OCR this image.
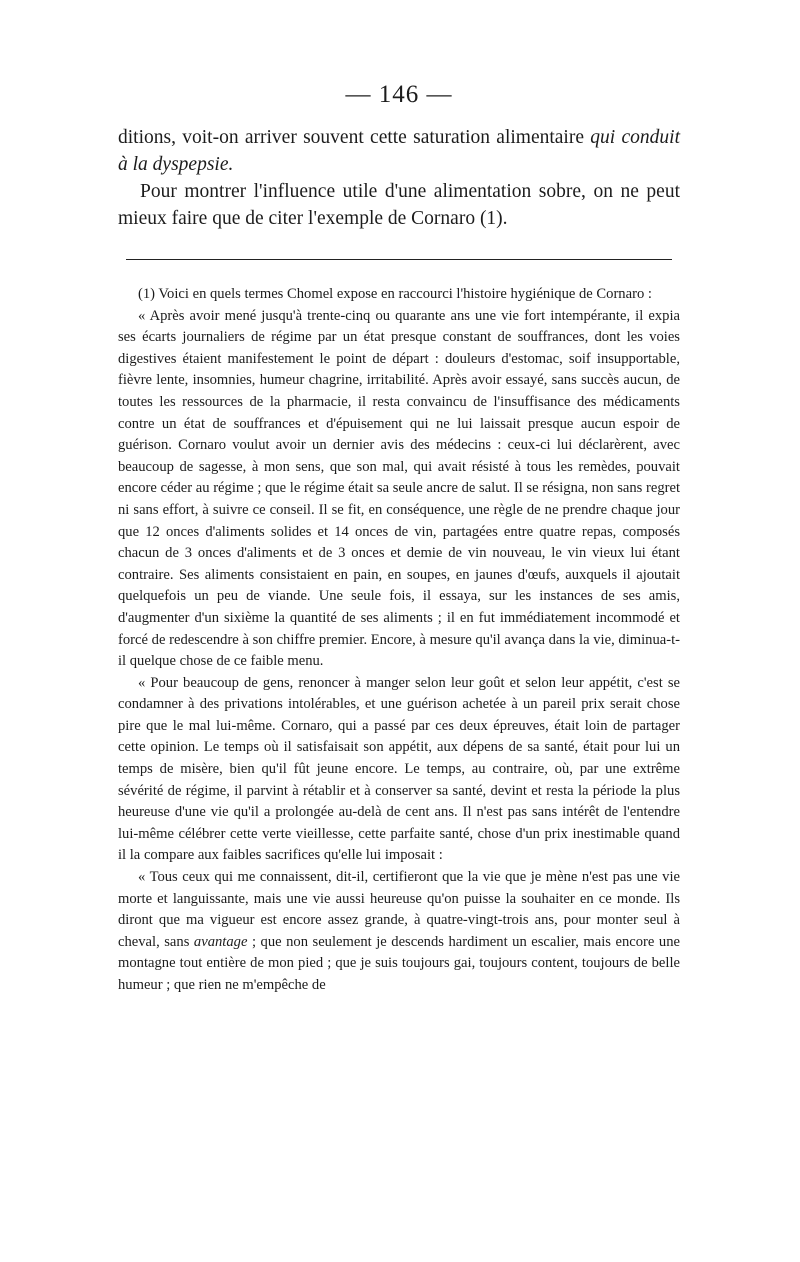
— 146 —

ditions, voit-on arriver souvent cette saturation alimentaire qui conduit à la dyspepsie.

Pour montrer l'influence utile d'une alimentation sobre, on ne peut mieux faire que de citer l'exemple de Cornaro (1).

(1) Voici en quels termes Chomel expose en raccourci l'histoire hygiénique de Cornaro :

« Après avoir mené jusqu'à trente-cinq ou quarante ans une vie fort intempérante, il expia ses écarts journaliers de régime par un état presque constant de souffrances, dont les voies digestives étaient manifestement le point de départ : douleurs d'estomac, soif insupportable, fièvre lente, insomnies, humeur chagrine, irritabilité. Après avoir essayé, sans succès aucun, de toutes les ressources de la pharmacie, il resta convaincu de l'insuffisance des médicaments contre un état de souffrances et d'épuisement qui ne lui laissait presque aucun espoir de guérison. Cornaro voulut avoir un dernier avis des médecins : ceux-ci lui déclarèrent, avec beaucoup de sagesse, à mon sens, que son mal, qui avait résisté à tous les remèdes, pouvait encore céder au régime ; que le régime était sa seule ancre de salut. Il se résigna, non sans regret ni sans effort, à suivre ce conseil. Il se fit, en conséquence, une règle de ne prendre chaque jour que 12 onces d'aliments solides et 14 onces de vin, partagées entre quatre repas, composés chacun de 3 onces d'aliments et de 3 onces et demie de vin nouveau, le vin vieux lui étant contraire. Ses aliments consistaient en pain, en soupes, en jaunes d'œufs, auxquels il ajoutait quelquefois un peu de viande. Une seule fois, il essaya, sur les instances de ses amis, d'augmenter d'un sixième la quantité de ses aliments ; il en fut immédiatement incommodé et forcé de redescendre à son chiffre premier. Encore, à mesure qu'il avança dans la vie, diminua-t-il quelque chose de ce faible menu.

« Pour beaucoup de gens, renoncer à manger selon leur goût et selon leur appétit, c'est se condamner à des privations intolérables, et une guérison achetée à un pareil prix serait chose pire que le mal lui-même. Cornaro, qui a passé par ces deux épreuves, était loin de partager cette opinion. Le temps où il satisfaisait son appétit, aux dépens de sa santé, était pour lui un temps de misère, bien qu'il fût jeune encore. Le temps, au contraire, où, par une extrême sévérité de régime, il parvint à rétablir et à conserver sa santé, devint et resta la période la plus heureuse d'une vie qu'il a prolongée au-delà de cent ans. Il n'est pas sans intérêt de l'entendre lui-même célébrer cette verte vieillesse, cette parfaite santé, chose d'un prix inestimable quand il la compare aux faibles sacrifices qu'elle lui imposait :

« Tous ceux qui me connaissent, dit-il, certifieront que la vie que je mène n'est pas une vie morte et languissante, mais une vie aussi heureuse qu'on puisse la souhaiter en ce monde. Ils diront que ma vigueur est encore assez grande, à quatre-vingt-trois ans, pour monter seul à cheval, sans avantage ; que non seulement je descends hardiment un escalier, mais encore une montagne tout entière de mon pied ; que je suis toujours gai, toujours content, toujours de belle humeur ; que rien ne m'empêche de
